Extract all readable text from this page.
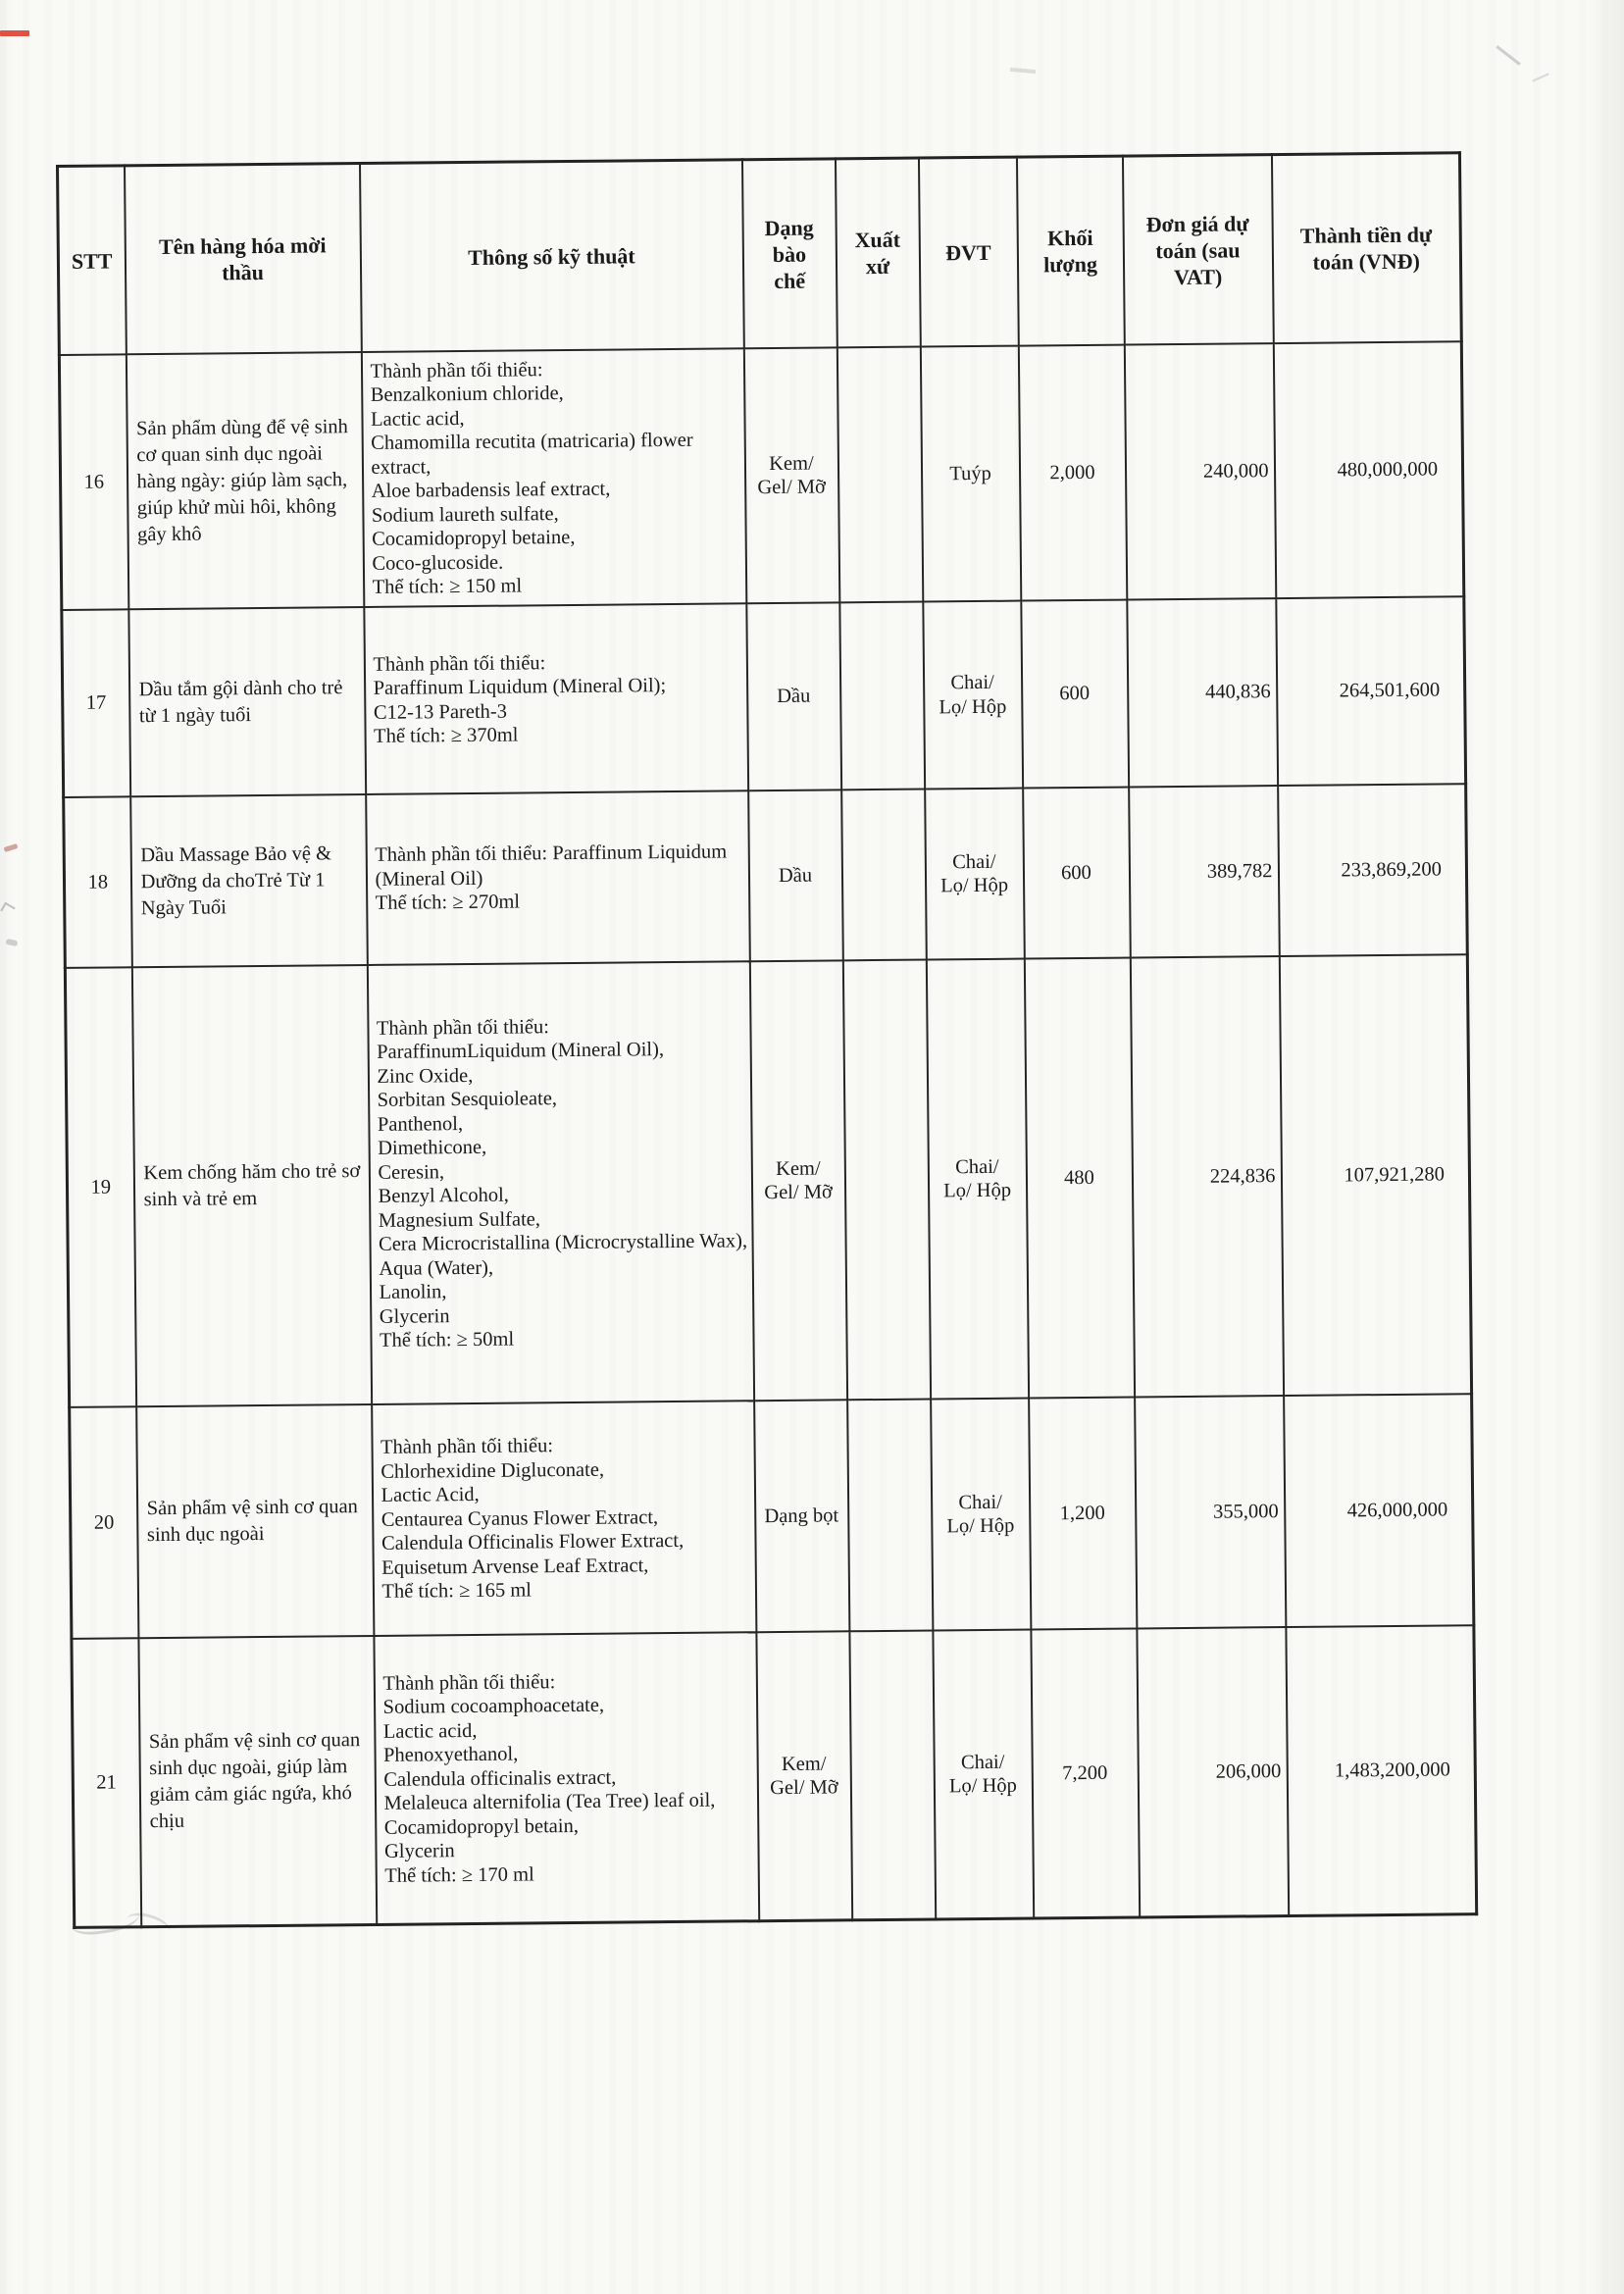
STT	Tên hàng hóa mời
thầu	Thông số kỹ thuật	Dạng
bào
chế	Xuất
xứ	ĐVT	Khối
lượng	Đơn giá dự
toán (sau
VAT)	Thành tiền dự
toán (VNĐ)
16	Sản phẩm dùng để vệ sinh cơ quan sinh dục ngoài hàng ngày: giúp làm sạch, giúp khử mùi hôi, không gây khô	Thành phần tối thiểu:
Benzalkonium chloride,
Lactic acid,
Chamomilla recutita (matricaria) flower extract,
Aloe barbadensis leaf extract,
Sodium laureth sulfate,
Cocamidopropyl betaine,
Coco-glucoside.
Thể tích: ≥ 150 ml	Kem/
Gel/ Mỡ		Tuýp	2,000	240,000	480,000,000
17	Dầu tắm gội dành cho trẻ từ 1 ngày tuổi	Thành phần tối thiểu:
Paraffinum Liquidum (Mineral Oil);
C12-13 Pareth-3
Thể tích: ≥ 370ml	Dầu		Chai/
Lọ/ Hộp	600	440,836	264,501,600
18	Dầu Massage Bảo vệ & Dưỡng da choTrẻ Từ 1 Ngày Tuổi	Thành phần tối thiểu: Paraffinum Liquidum (Mineral Oil)
Thể tích: ≥ 270ml	Dầu		Chai/
Lọ/ Hộp	600	389,782	233,869,200
19	Kem chống hăm cho trẻ sơ sinh và trẻ em	Thành phần tối thiểu:
ParaffinumLiquidum (Mineral Oil),
Zinc Oxide,
Sorbitan Sesquioleate,
Panthenol,
Dimethicone,
Ceresin,
Benzyl Alcohol,
Magnesium Sulfate,
Cera Microcristallina (Microcrystalline Wax),
Aqua (Water),
Lanolin,
Glycerin
Thể tích: ≥ 50ml	Kem/
Gel/ Mỡ		Chai/
Lọ/ Hộp	480	224,836	107,921,280
20	Sản phẩm vệ sinh cơ quan sinh dục ngoài	Thành phần tối thiểu:
Chlorhexidine Digluconate,
Lactic Acid,
Centaurea Cyanus Flower Extract,
Calendula Officinalis Flower Extract,
Equisetum Arvense Leaf Extract,
Thể tích: ≥ 165 ml	Dạng bọt		Chai/
Lọ/ Hộp	1,200	355,000	426,000,000
21	Sản phẩm vệ sinh cơ quan sinh dục ngoài, giúp làm giảm cảm giác ngứa, khó chịu	Thành phần tối thiểu:
Sodium cocoamphoacetate,
Lactic acid,
Phenoxyethanol,
Calendula officinalis extract,
Melaleuca alternifolia (Tea Tree) leaf oil,
Cocamidopropyl betain,
Glycerin
Thể tích: ≥ 170 ml	Kem/
Gel/ Mỡ		Chai/
Lọ/ Hộp	7,200	206,000	1,483,200,000
